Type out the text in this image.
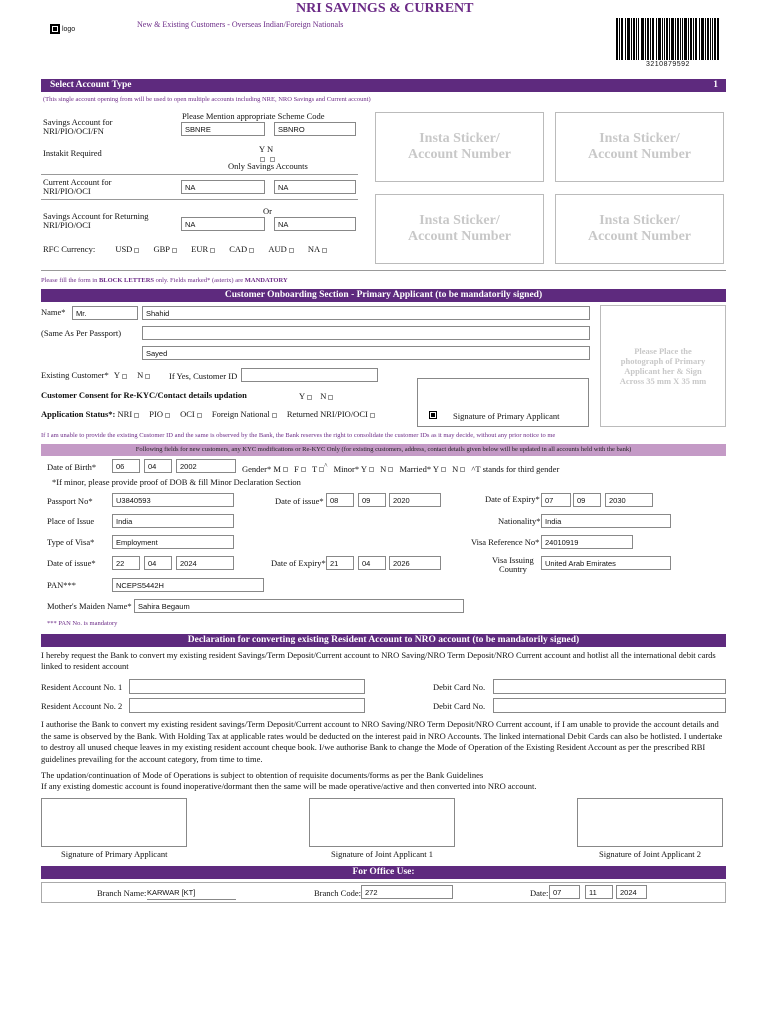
logo
NRI SAVINGS & CURRENT
New & Existing Customers - Overseas Indian/Foreign Nationals
3210879592
Select Account Type	1
(This single account opening from will be used to open multiple accounts including NRE, NRO Savings and Current account)
Please Mention appropriate Scheme Code
Savings Account for
NRI/PIO/OCI/FN	SBNRE	SBNRO
Instakit Required	Y N
Only Savings Accounts
Current Account for
NRI/PIO/OCI	NA	NA
Or
Savings Account for Returning
NRI/PIO/OCI	NA	NA
RFC Currency: USD GBP EUR CAD AUD NA
Insta Sticker/
Account Number
Insta Sticker/
Account Number
Insta Sticker/
Account Number
Insta Sticker/
Account Number
Please fill the form in BLOCK LETTERS only. Fields marked* (asterix) are MANDATORY
Customer Onboarding Section - Primary Applicant (to be mandatorily signed)
Name*	Mr.	Shahid
(Same As Per Passport)
Sayed	Please Place the photograph of Primary Applicant her & Sign Across 35 mm X 35 mm
Existing Customer* Y N	If Yes, Customer ID
Customer Consent for Re-KYC/Contact details updation	Y N
Application Status*: NRI PIO OCI Foreign National Returned NRI/PIO/OCI	Signature of Primary Applicant
If I am unable to provide the existing Customer ID and the same is observed by the Bank, the Bank reserves the right to consolidate the customer IDs as it may decide, without any prior notice to me
Following fields for new customers, any KYC modifications or Re-KYC Only (for existing customers, address, contact details given below will be updated in all accounts held with the bank)
Date of Birth*	06	04	2002	Gender* M F T ^ Minor* Y N Married* Y N ^T stands for third gender
*If minor, please provide proof of DOB & fill Minor Declaration Section
Passport No*	U3840593	Date of issue* 08	09	2020	Date of Expiry* 07	09	2030
Place of Issue	India	Nationality* India
Type of Visa*	Employment	Visa Reference No* 24010919
Date of issue*	22	04	2024	Date of Expiry* 21	04	2026	Visa Issuing
Country
United Arab Emirates
PAN***	NCEPS5442H
Mother's Maiden Name* Sahira Begaum
*** PAN No. is mandatory
Declaration for converting existing Resident Account to NRO account (to be mandatorily signed)
I hereby request the Bank to convert my existing resident Savings/Term Deposit/Current account to NRO Saving/NRO Term Deposit/NRO Current account and hotlist all the international debit cards linked to resident account
Resident Account No. 1	Debit Card No.
Resident Account No. 2	Debit Card No.
I authorise the Bank to convert my existing resident savings/Term Deposit/Current account to NRO Saving/NRO Term Deposit/NRO Current account, if I am unable to provide the account details and the same is observed by the Bank. With Holding Tax at applicable rates would be deducted on the interest paid in NRO Accounts. The linked international Debit Cards can also be hotlisted. I undertake to destroy all unused cheque leaves in my existing resident account cheque book. I/we authorise Bank to change the Mode of Operation of the Existing Resident Account as per the prescribed RBI guidelines prevailing for the account category, from time to time.
The updation/continuation of Mode of Operations is subject to obtention of requisite documents/forms as per the Bank Guidelines
If any existing domestic account is found inoperative/dormant then the same will be made operative/active and then converted into NRO account.
Signature of Primary Applicant	Signature of Joint Applicant 1	Signature of Joint Applicant 2
For Office Use:
Branch Name: KARWAR [KT]	Branch Code: 272	Date: 07	11	2024
